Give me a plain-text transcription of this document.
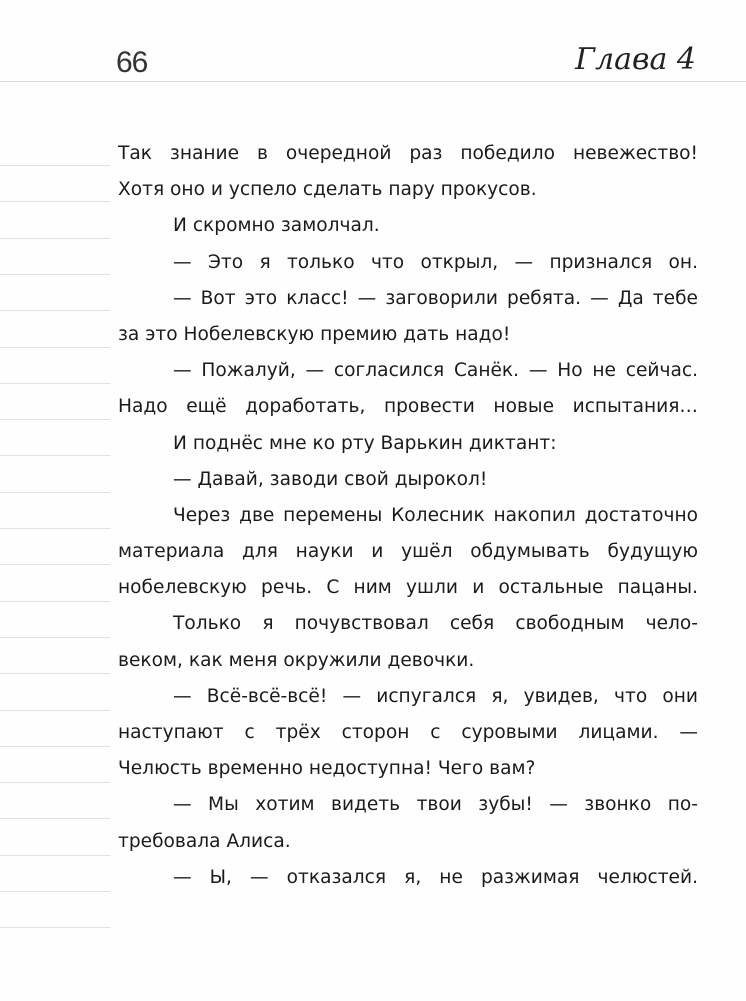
66	Глава 4
Так знание в очередной раз победило невежество!
Хотя оно и успело сделать пару прокусов.
И скромно замолчал.
— Это я только что открыл, — признался он.
— Вот это класс! — заговорили ребята. — Да тебе
за это Нобелевскую премию дать надо!
— Пожалуй, — согласился Санёк. — Но не сейчас.
Надо ещё доработать, провести новые испытания…
И поднёс мне ко рту Варькин диктант:
— Давай, заводи свой дырокол!
Через две перемены Колесник накопил достаточно
материала для науки и ушёл обдумывать будущую
нобелевскую речь. С ним ушли и остальные пацаны.
Только я почувствовал себя свободным чело-
веком, как меня окружили девочки.
— Всё-всё-всё! — испугался я, увидев, что они
наступают с трёх сторон с суровыми лицами. —
Челюсть временно недоступна! Чего вам?
— Мы хотим видеть твои зубы! — звонко по-
требовала Алиса.
— Ы, — отказался я, не разжимая челюстей.
